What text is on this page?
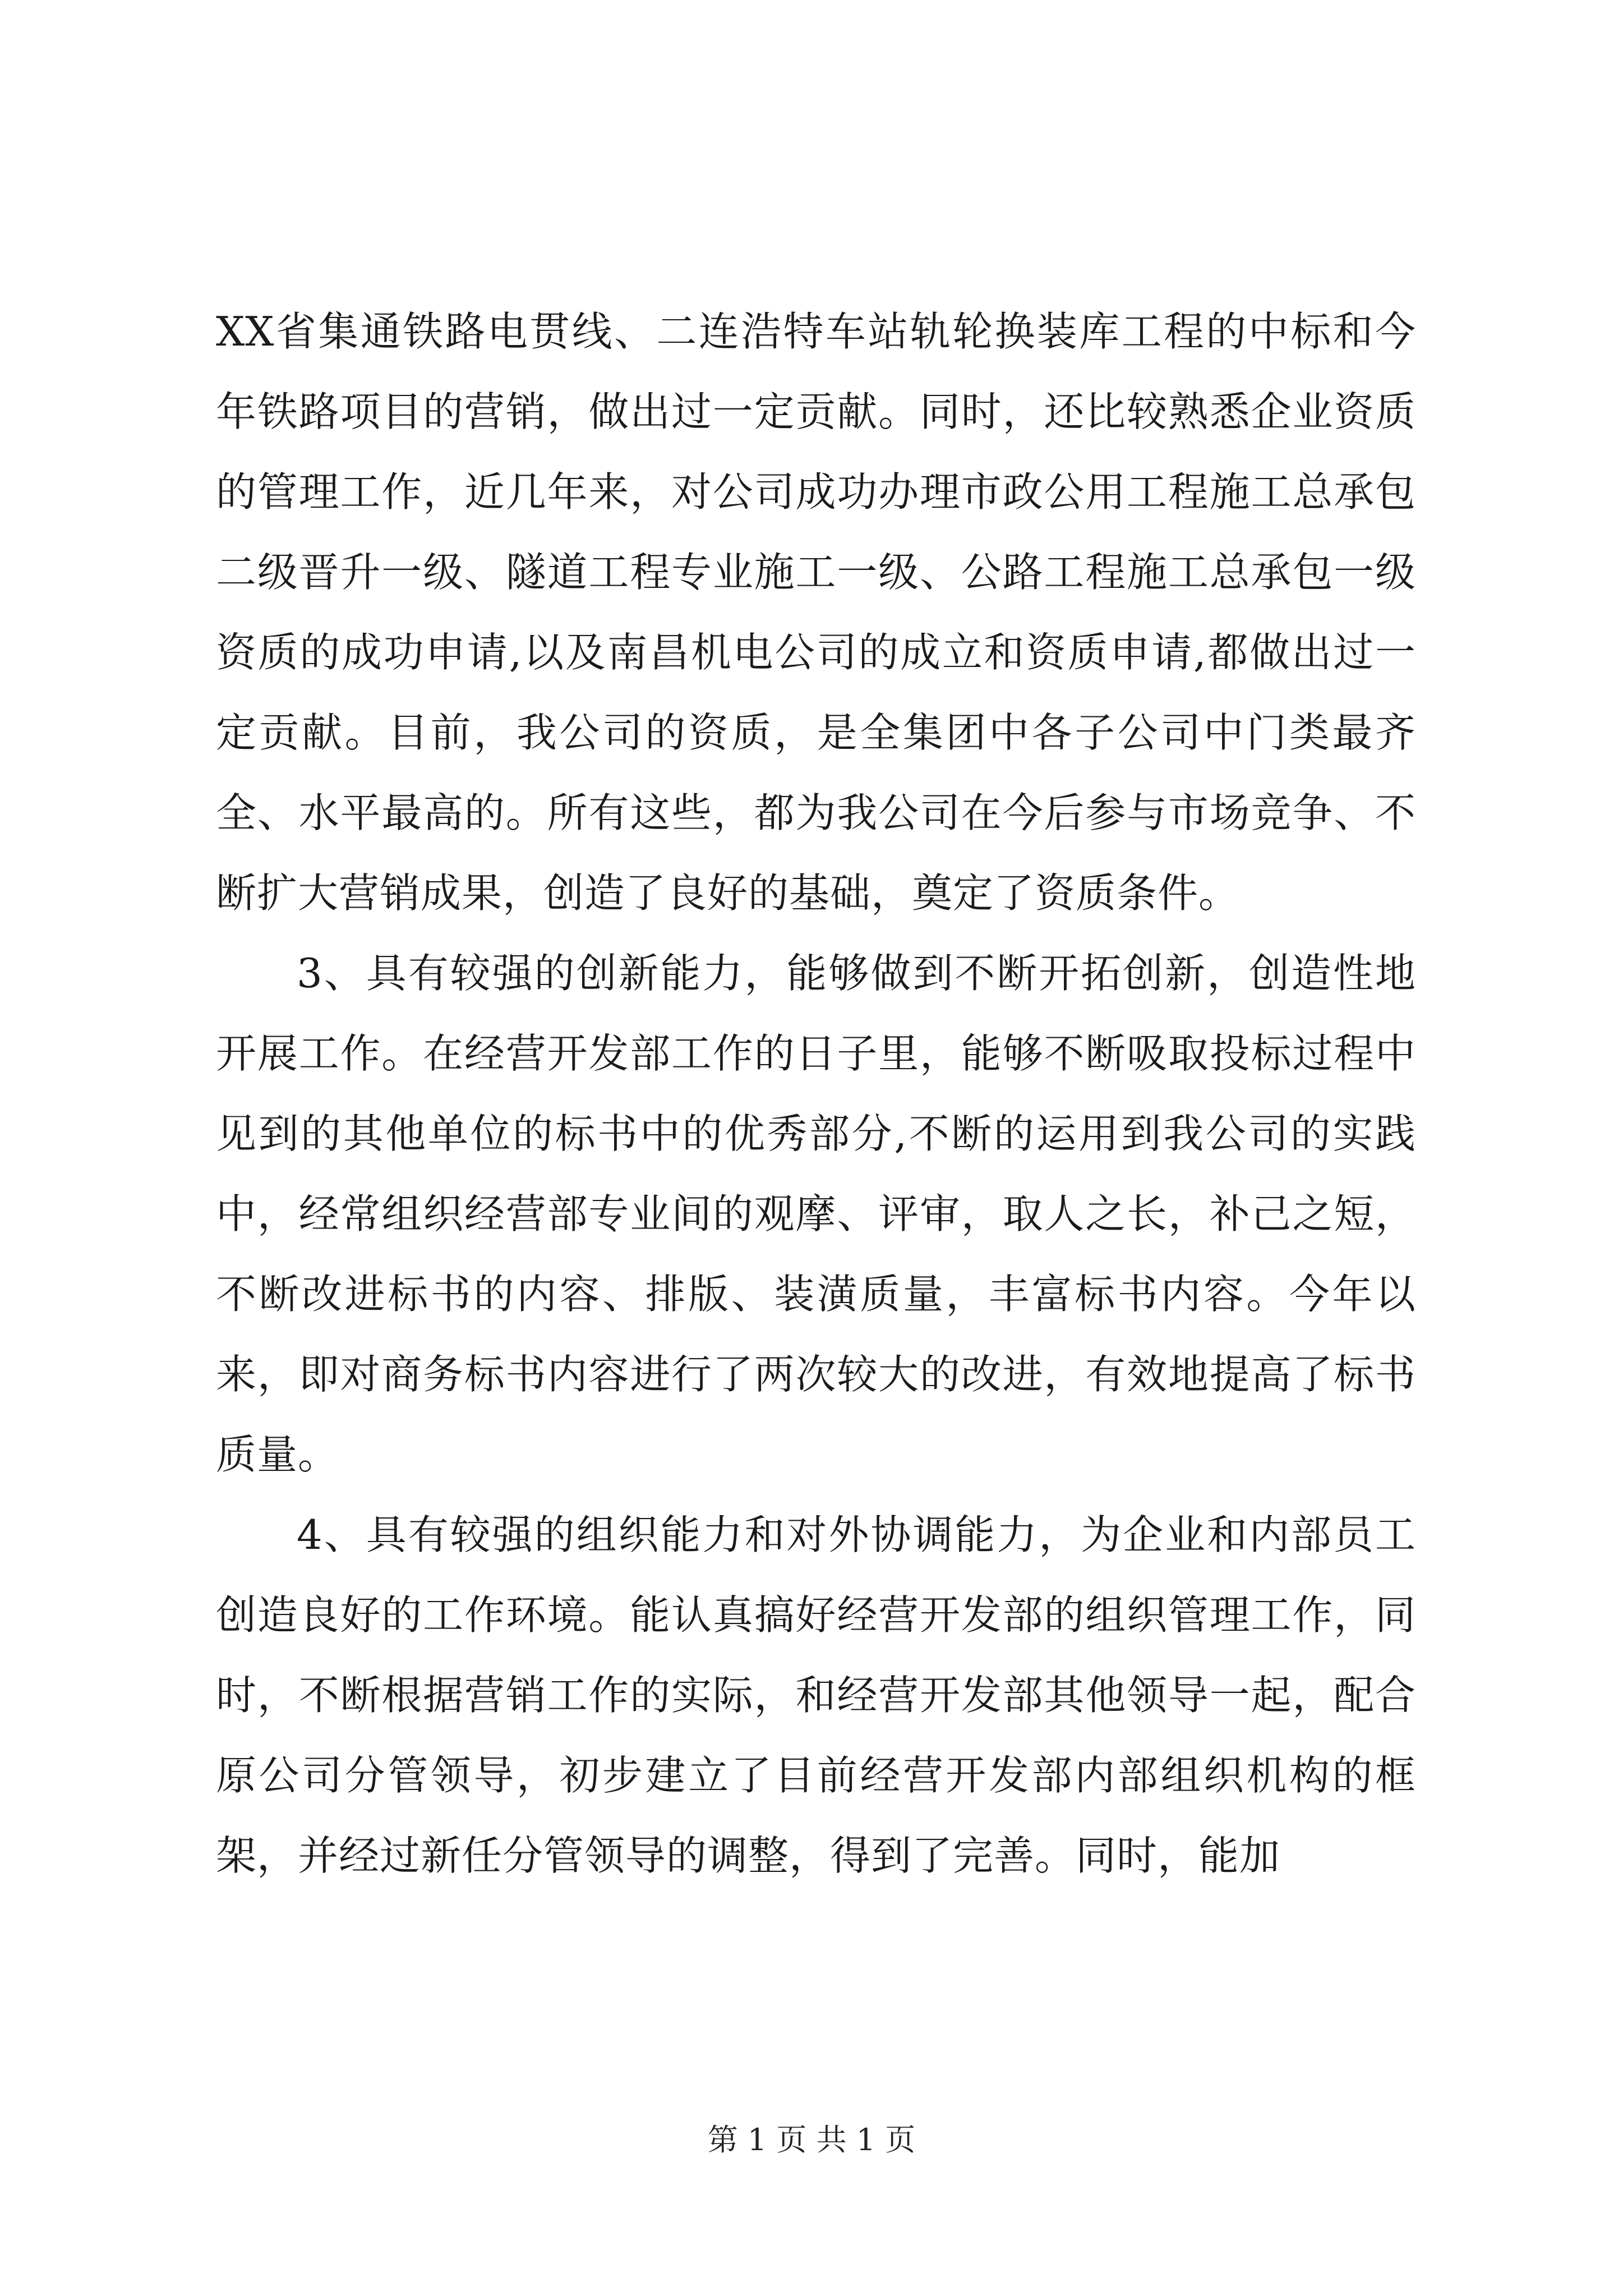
XX省集通铁路电贯线、二连浩特车站轨轮换装库工程的中标和今年铁路项目的营销，做出过一定贡献。同时，还比较熟悉企业资质的管理工作，近几年来，对公司成功办理市政公用工程施工总承包二级晋升一级、隧道工程专业施工一级、公路工程施工总承包一级资质的成功申请,以及南昌机电公司的成立和资质申请,都做出过一定贡献。目前，我公司的资质，是全集团中各子公司中门类最齐全、水平最高的。所有这些，都为我公司在今后参与市场竞争、不断扩大营销成果，创造了良好的基础，奠定了资质条件。

3、具有较强的创新能力，能够做到不断开拓创新，创造性地开展工作。在经营开发部工作的日子里，能够不断吸取投标过程中见到的其他单位的标书中的优秀部分,不断的运用到我公司的实践中，经常组织经营部专业间的观摩、评审，取人之长，补己之短，不断改进标书的内容、排版、装潢质量，丰富标书内容。今年以来，即对商务标书内容进行了两次较大的改进，有效地提高了标书质量。

4、具有较强的组织能力和对外协调能力，为企业和内部员工创造良好的工作环境。能认真搞好经营开发部的组织管理工作，同时，不断根据营销工作的实际，和经营开发部其他领导一起，配合原公司分管领导，初步建立了目前经营开发部内部组织机构的框架，并经过新任分管领导的调整，得到了完善。同时，能加

第 1 页 共 1 页
